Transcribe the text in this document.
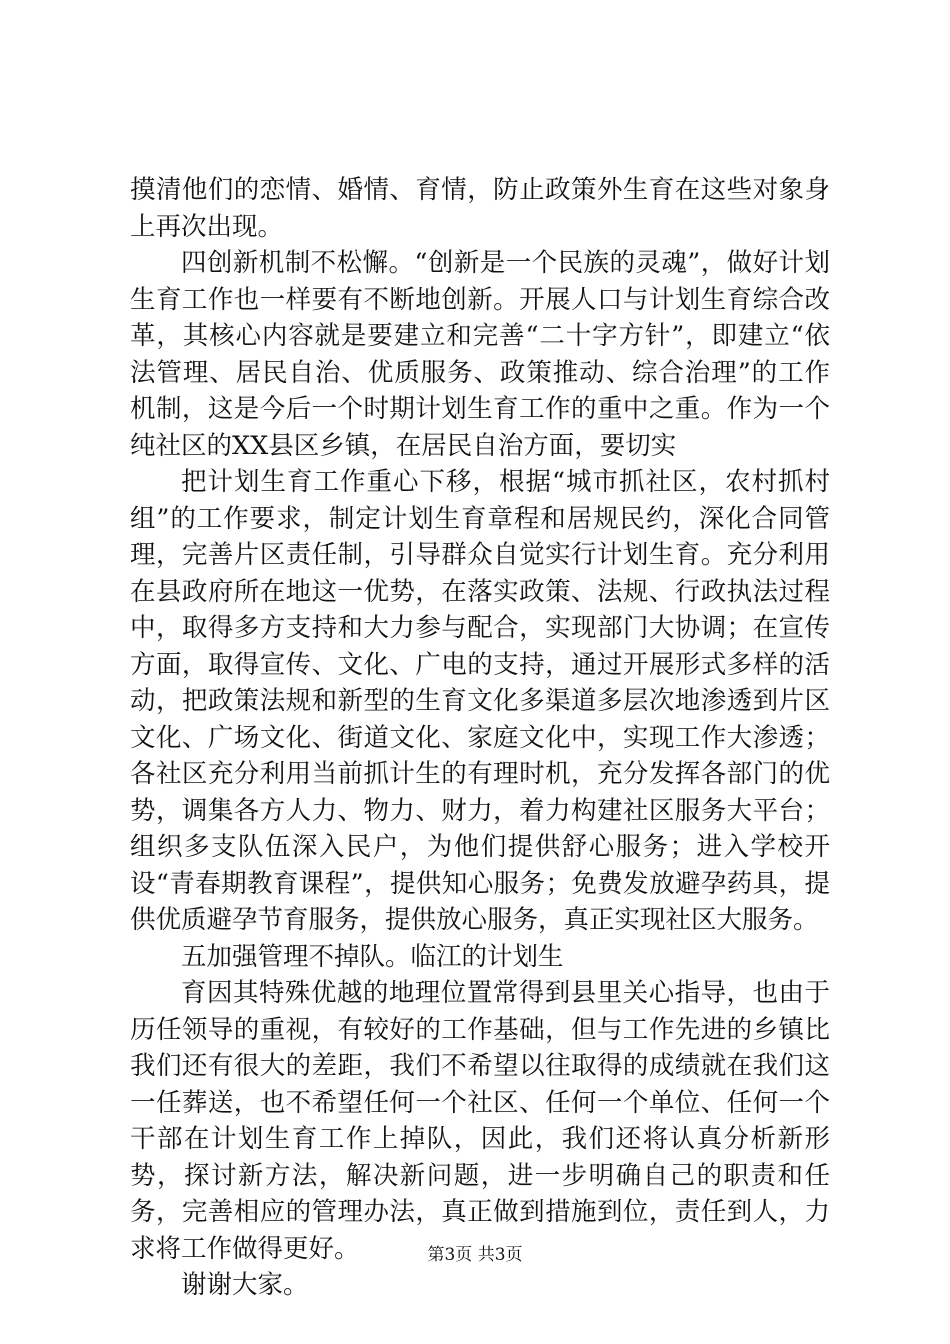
摸清他们的恋情、婚情、育情，防止政策外生育在这些对象身上再次出现。

四创新机制不松懈。“创新是一个民族的灵魂”，做好计划生育工作也一样要有不断地创新。开展人口与计划生育综合改革，其核心内容就是要建立和完善“二十字方针”，即建立“依法管理、居民自治、优质服务、政策推动、综合治理”的工作机制，这是今后一个时期计划生育工作的重中之重。作为一个纯社区的XX县区乡镇，在居民自治方面，要切实

把计划生育工作重心下移，根据“城市抓社区，农村抓村组”的工作要求，制定计划生育章程和居规民约，深化合同管理，完善片区责任制，引导群众自觉实行计划生育。充分利用在县政府所在地这一优势，在落实政策、法规、行政执法过程中，取得多方支持和大力参与配合，实现部门大协调；在宣传方面，取得宣传、文化、广电的支持，通过开展形式多样的活动，把政策法规和新型的生育文化多渠道多层次地渗透到片区文化、广场文化、街道文化、家庭文化中，实现工作大渗透；各社区充分利用当前抓计生的有理时机，充分发挥各部门的优势，调集各方人力、物力、财力，着力构建社区服务大平台；组织多支队伍深入民户，为他们提供舒心服务；进入学校开设“青春期教育课程”，提供知心服务；免费发放避孕药具，提供优质避孕节育服务，提供放心服务，真正实现社区大服务。

五加强管理不掉队。临江的计划生

育因其特殊优越的地理位置常得到县里关心指导，也由于历任领导的重视，有较好的工作基础，但与工作先进的乡镇比我们还有很大的差距，我们不希望以往取得的成绩就在我们这一任葬送，也不希望任何一个社区、任何一个单位、任何一个干部在计划生育工作上掉队，因此，我们还将认真分析新形势，探讨新方法，解决新问题，进一步明确自己的职责和任务，完善相应的管理办法，真正做到措施到位，责任到人，力求将工作做得更好。

谢谢大家。

第3页 共3页
